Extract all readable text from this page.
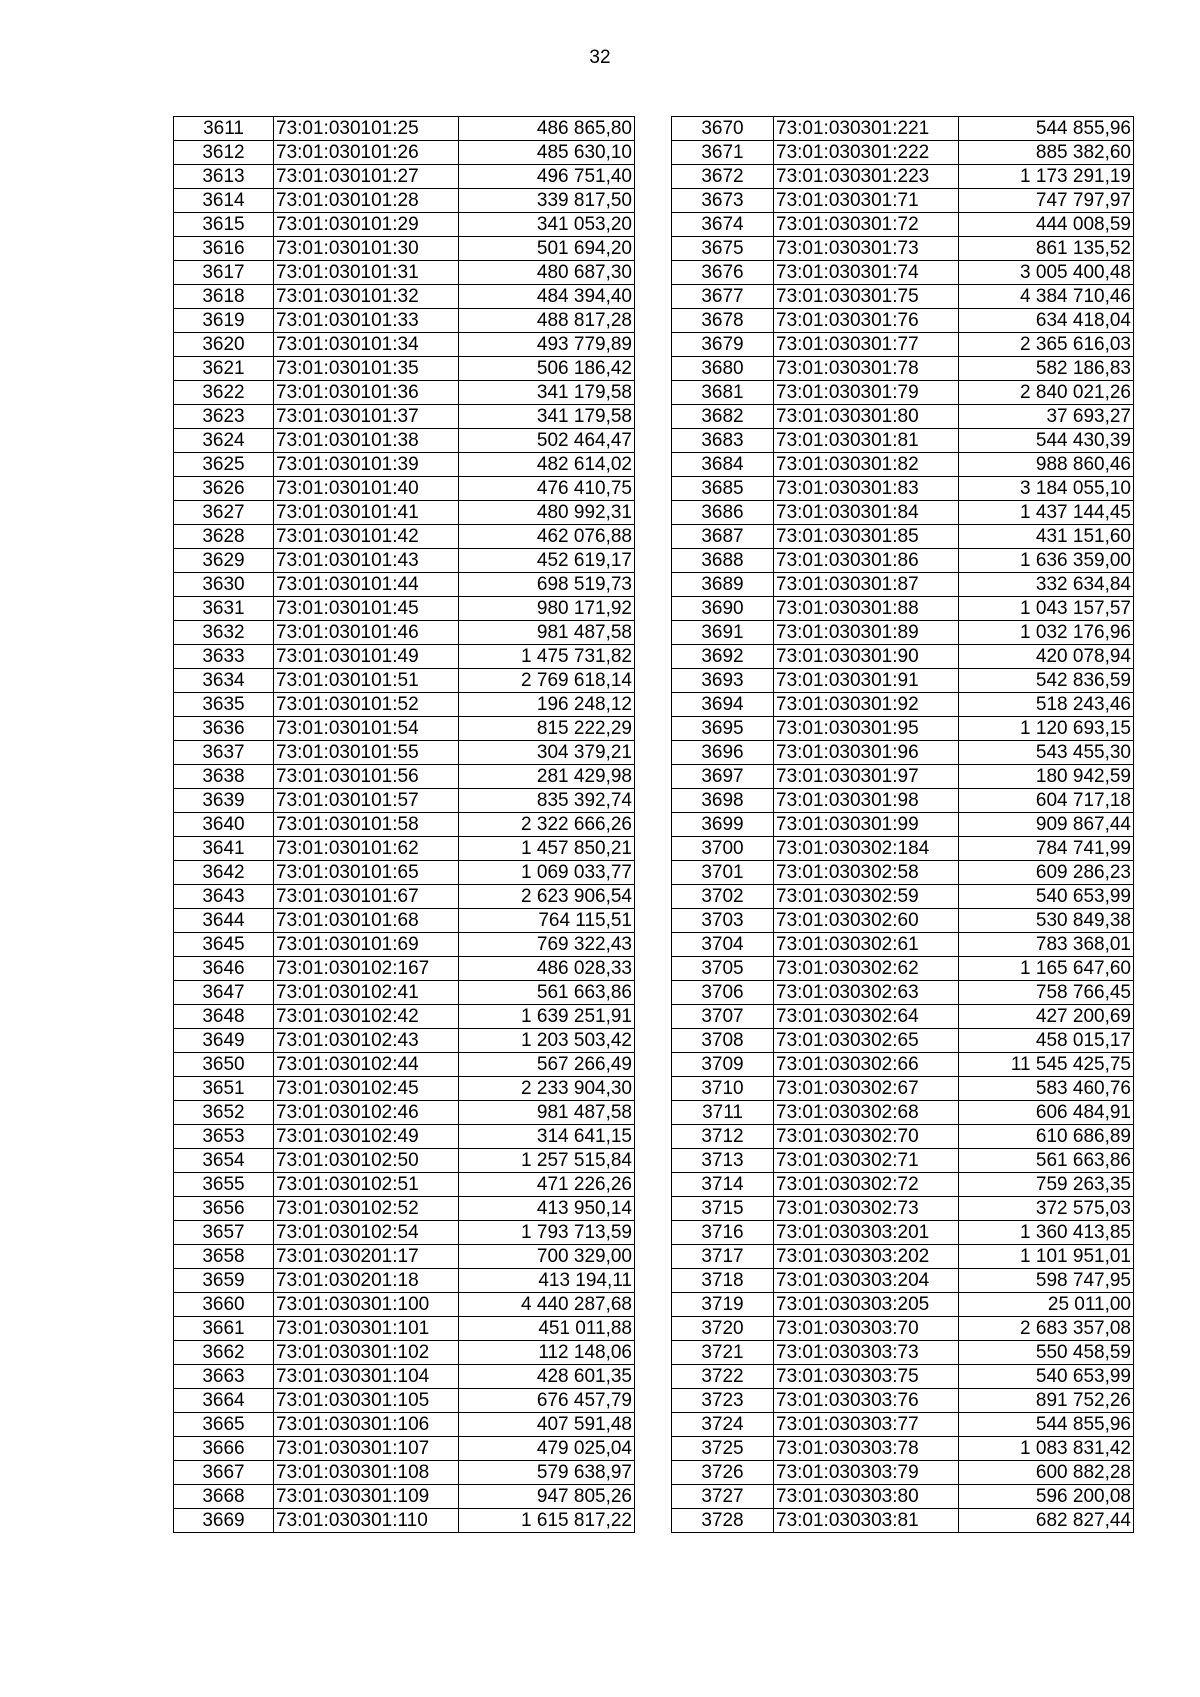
32
3611	73:01:030101:25	486 865,80
3612	73:01:030101:26	485 630,10
3613	73:01:030101:27	496 751,40
3614	73:01:030101:28	339 817,50
3615	73:01:030101:29	341 053,20
3616	73:01:030101:30	501 694,20
3617	73:01:030101:31	480 687,30
3618	73:01:030101:32	484 394,40
3619	73:01:030101:33	488 817,28
3620	73:01:030101:34	493 779,89
3621	73:01:030101:35	506 186,42
3622	73:01:030101:36	341 179,58
3623	73:01:030101:37	341 179,58
3624	73:01:030101:38	502 464,47
3625	73:01:030101:39	482 614,02
3626	73:01:030101:40	476 410,75
3627	73:01:030101:41	480 992,31
3628	73:01:030101:42	462 076,88
3629	73:01:030101:43	452 619,17
3630	73:01:030101:44	698 519,73
3631	73:01:030101:45	980 171,92
3632	73:01:030101:46	981 487,58
3633	73:01:030101:49	1 475 731,82
3634	73:01:030101:51	2 769 618,14
3635	73:01:030101:52	196 248,12
3636	73:01:030101:54	815 222,29
3637	73:01:030101:55	304 379,21
3638	73:01:030101:56	281 429,98
3639	73:01:030101:57	835 392,74
3640	73:01:030101:58	2 322 666,26
3641	73:01:030101:62	1 457 850,21
3642	73:01:030101:65	1 069 033,77
3643	73:01:030101:67	2 623 906,54
3644	73:01:030101:68	764 115,51
3645	73:01:030101:69	769 322,43
3646	73:01:030102:167	486 028,33
3647	73:01:030102:41	561 663,86
3648	73:01:030102:42	1 639 251,91
3649	73:01:030102:43	1 203 503,42
3650	73:01:030102:44	567 266,49
3651	73:01:030102:45	2 233 904,30
3652	73:01:030102:46	981 487,58
3653	73:01:030102:49	314 641,15
3654	73:01:030102:50	1 257 515,84
3655	73:01:030102:51	471 226,26
3656	73:01:030102:52	413 950,14
3657	73:01:030102:54	1 793 713,59
3658	73:01:030201:17	700 329,00
3659	73:01:030201:18	413 194,11
3660	73:01:030301:100	4 440 287,68
3661	73:01:030301:101	451 011,88
3662	73:01:030301:102	112 148,06
3663	73:01:030301:104	428 601,35
3664	73:01:030301:105	676 457,79
3665	73:01:030301:106	407 591,48
3666	73:01:030301:107	479 025,04
3667	73:01:030301:108	579 638,97
3668	73:01:030301:109	947 805,26
3669	73:01:030301:110	1 615 817,22
3670	73:01:030301:221	544 855,96
3671	73:01:030301:222	885 382,60
3672	73:01:030301:223	1 173 291,19
3673	73:01:030301:71	747 797,97
3674	73:01:030301:72	444 008,59
3675	73:01:030301:73	861 135,52
3676	73:01:030301:74	3 005 400,48
3677	73:01:030301:75	4 384 710,46
3678	73:01:030301:76	634 418,04
3679	73:01:030301:77	2 365 616,03
3680	73:01:030301:78	582 186,83
3681	73:01:030301:79	2 840 021,26
3682	73:01:030301:80	37 693,27
3683	73:01:030301:81	544 430,39
3684	73:01:030301:82	988 860,46
3685	73:01:030301:83	3 184 055,10
3686	73:01:030301:84	1 437 144,45
3687	73:01:030301:85	431 151,60
3688	73:01:030301:86	1 636 359,00
3689	73:01:030301:87	332 634,84
3690	73:01:030301:88	1 043 157,57
3691	73:01:030301:89	1 032 176,96
3692	73:01:030301:90	420 078,94
3693	73:01:030301:91	542 836,59
3694	73:01:030301:92	518 243,46
3695	73:01:030301:95	1 120 693,15
3696	73:01:030301:96	543 455,30
3697	73:01:030301:97	180 942,59
3698	73:01:030301:98	604 717,18
3699	73:01:030301:99	909 867,44
3700	73:01:030302:184	784 741,99
3701	73:01:030302:58	609 286,23
3702	73:01:030302:59	540 653,99
3703	73:01:030302:60	530 849,38
3704	73:01:030302:61	783 368,01
3705	73:01:030302:62	1 165 647,60
3706	73:01:030302:63	758 766,45
3707	73:01:030302:64	427 200,69
3708	73:01:030302:65	458 015,17
3709	73:01:030302:66	11 545 425,75
3710	73:01:030302:67	583 460,76
3711	73:01:030302:68	606 484,91
3712	73:01:030302:70	610 686,89
3713	73:01:030302:71	561 663,86
3714	73:01:030302:72	759 263,35
3715	73:01:030302:73	372 575,03
3716	73:01:030303:201	1 360 413,85
3717	73:01:030303:202	1 101 951,01
3718	73:01:030303:204	598 747,95
3719	73:01:030303:205	25 011,00
3720	73:01:030303:70	2 683 357,08
3721	73:01:030303:73	550 458,59
3722	73:01:030303:75	540 653,99
3723	73:01:030303:76	891 752,26
3724	73:01:030303:77	544 855,96
3725	73:01:030303:78	1 083 831,42
3726	73:01:030303:79	600 882,28
3727	73:01:030303:80	596 200,08
3728	73:01:030303:81	682 827,44
